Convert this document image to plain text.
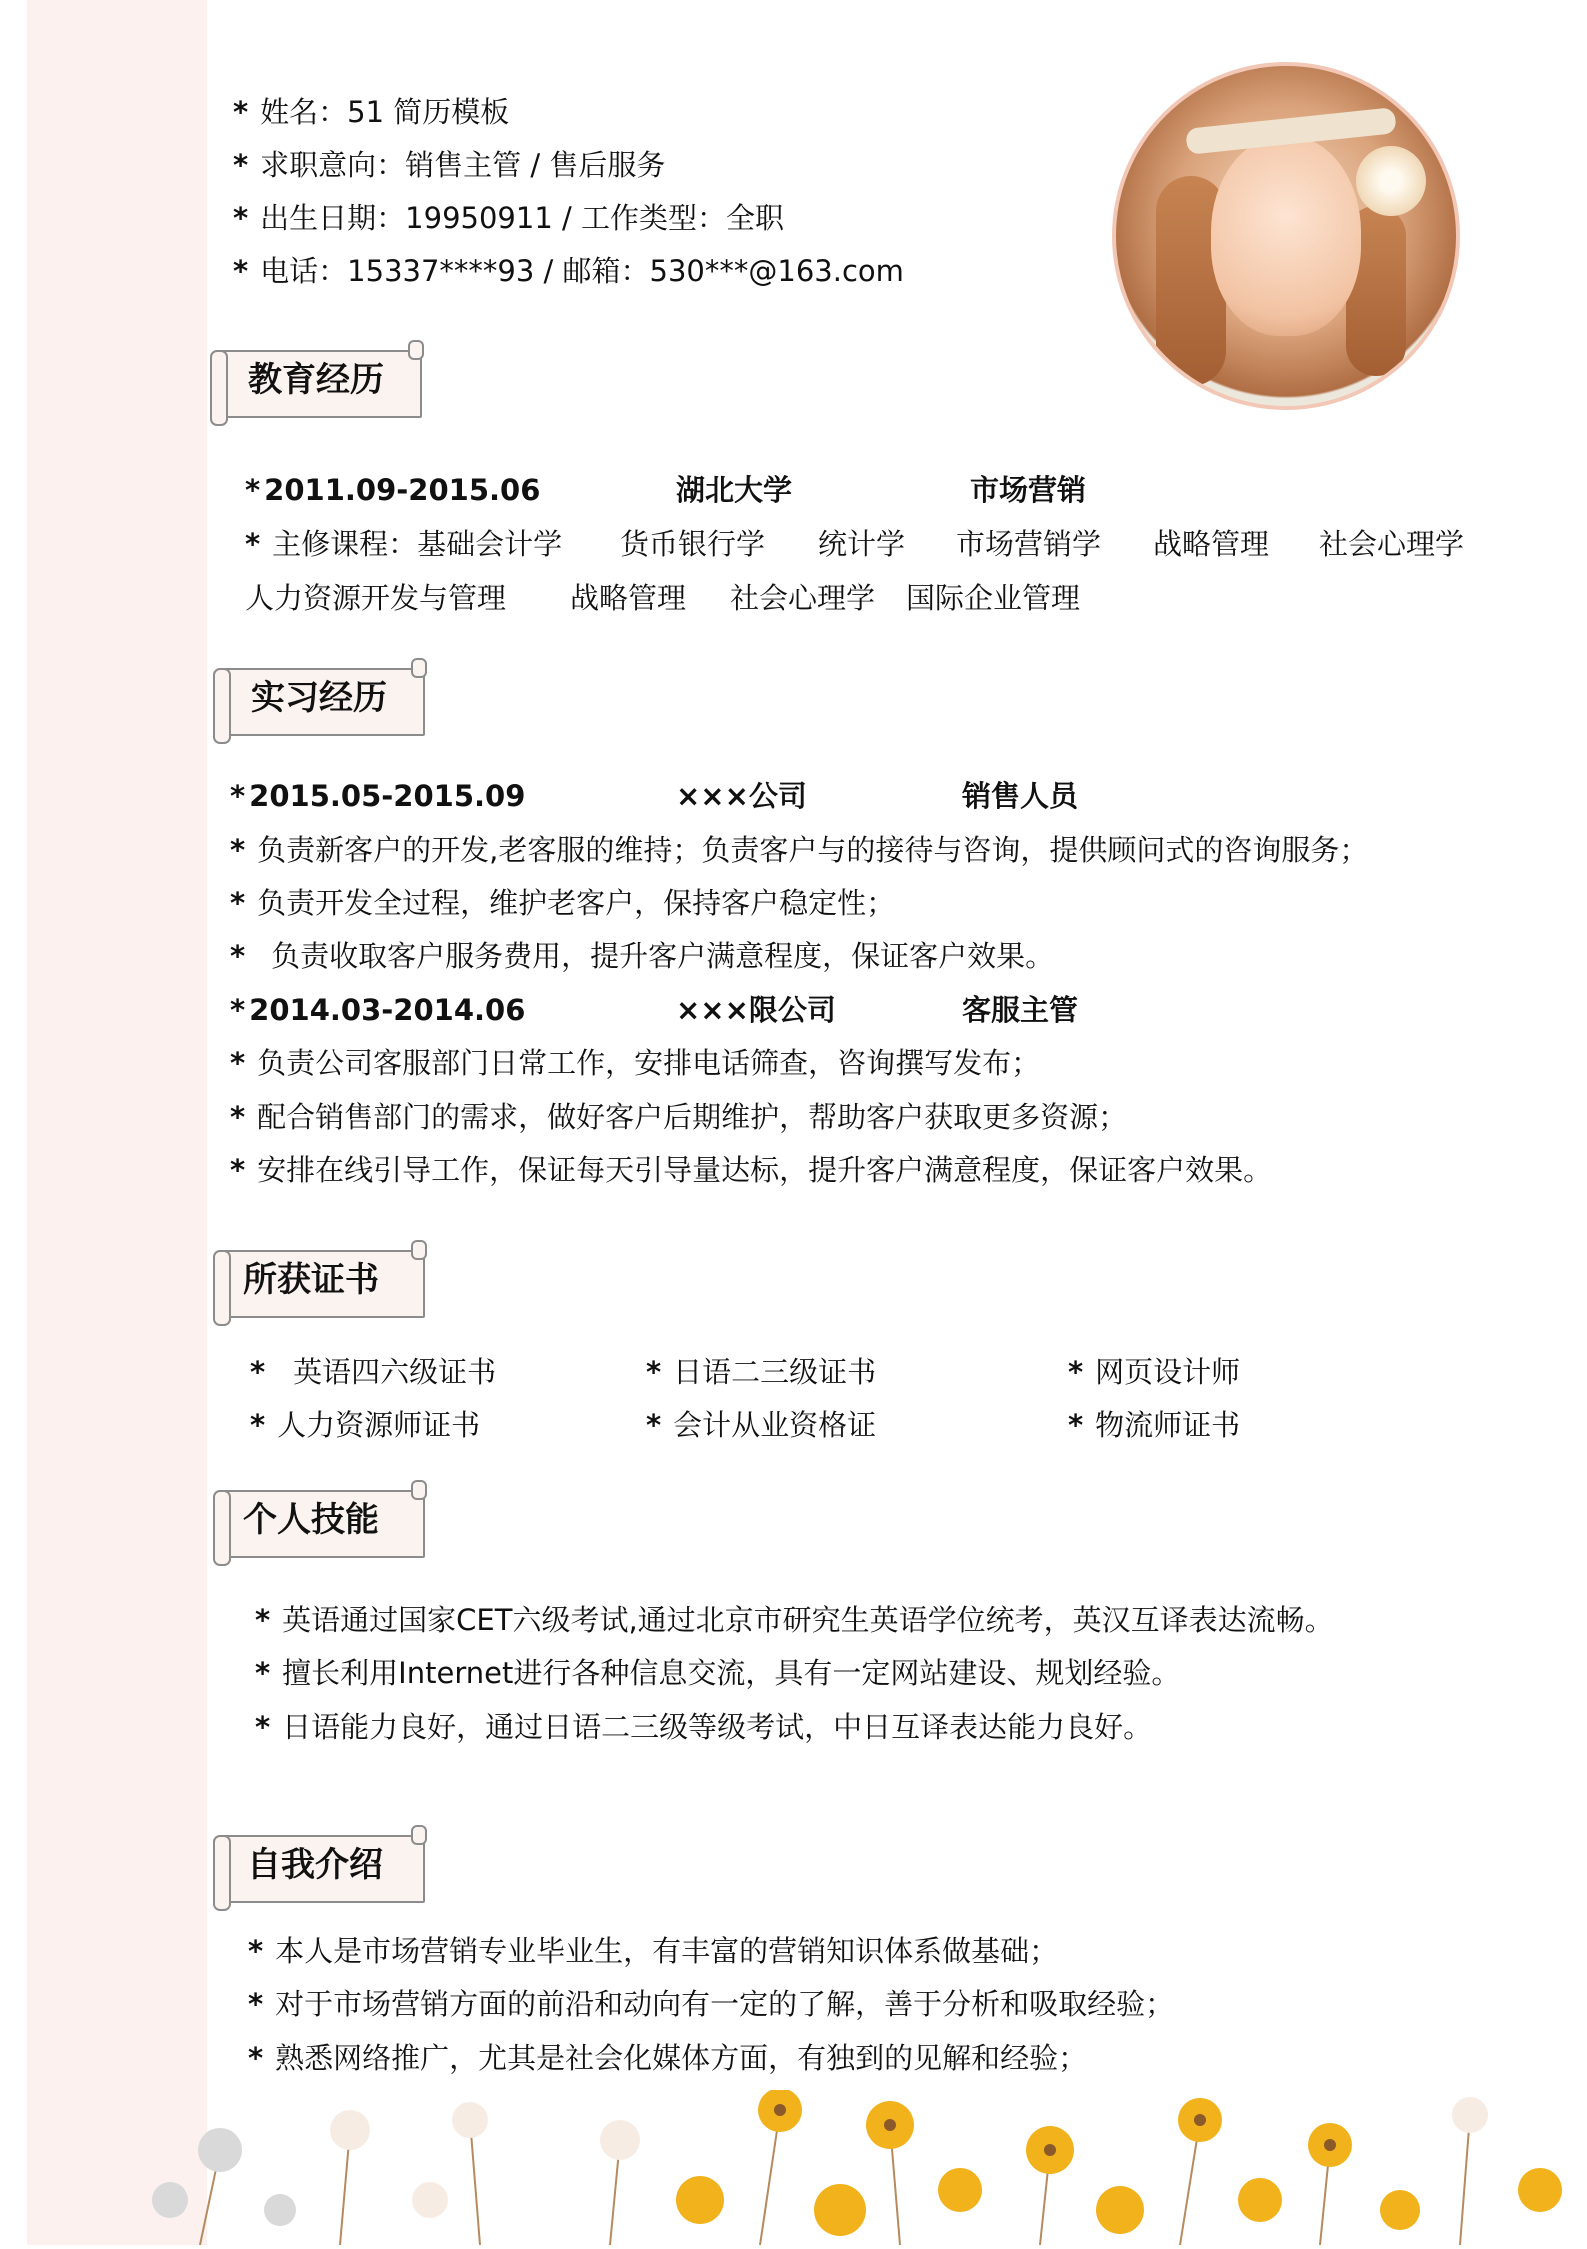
* 姓名：51 简历模板
* 求职意向：销售主管 / 售后服务
* 出生日期：19950911 / 工作类型：全职
* 电话：15337****93 / 邮箱：530***@163.com
教育经历
* 2011.09-2015.06	湖北大学	市场营销
* 主修课程：基础会计学 货币银行学 统计学 市场营销学 战略管理 社会心理学
人力资源开发与管理 战略管理 社会心理学 国际企业管理
实习经历
* 2015.05-2015.09	×××公司	销售人员
* 负责新客户的开发,老客服的维持；负责客户与的接待与咨询，提供顾问式的咨询服务；
* 负责开发全过程，维护老客户，保持客户稳定性；
* 负责收取客户服务费用，提升客户满意程度，保证客户效果。
* 2014.03-2014.06	×××限公司	客服主管
* 负责公司客服部门日常工作，安排电话筛查，咨询撰写发布；
* 配合销售部门的需求，做好客户后期维护，帮助客户获取更多资源；
* 安排在线引导工作，保证每天引导量达标，提升客户满意程度，保证客户效果。
所获证书
* 英语四六级证书	* 日语二三级证书	* 网页设计师
* 人力资源师证书	* 会计从业资格证	* 物流师证书
个人技能
* 英语通过国家CET六级考试,通过北京市研究生英语学位统考，英汉互译表达流畅。
* 擅长利用Internet进行各种信息交流，具有一定网站建设、规划经验。
* 日语能力良好，通过日语二三级等级考试，中日互译表达能力良好。
自我介绍
* 本人是市场营销专业毕业生，有丰富的营销知识体系做基础；
* 对于市场营销方面的前沿和动向有一定的了解，善于分析和吸取经验；
* 熟悉网络推广，尤其是社会化媒体方面，有独到的见解和经验；
